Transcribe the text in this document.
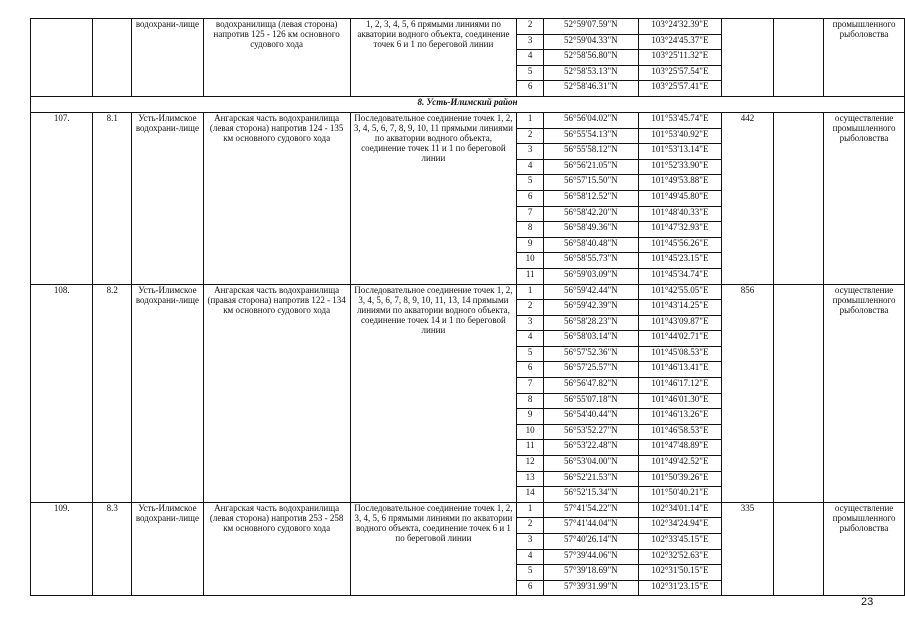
		водохрани-лище	водохранилища (левая сторона) напротив 125 - 126 км основного судового хода	1, 2, 3, 4, 5, 6 прямыми линиями по акватории водного объекта, соединение точек 6 и 1 по береговой линии	2	52°59'07.59"N	103°24'32.39"E			промышленного рыболовства
					3	52°59'04.33"N	103°24'45.37"E			
					4	52°58'56.80"N	103°25'11.32"E			
					5	52°58'53.13"N	103°25'57.54"E			
					6	52°58'46.31"N	103°25'57.41"E			
8. Усть-Илимский район										
107.	8.1	Усть-Илимское водохрани-лище	Ангарская часть водохранилища (левая сторона) напротив 124 - 135 км основного судового хода	Последовательное соединение точек 1, 2, 3, 4, 5, 6, 7, 8, 9, 10, 11 прямыми линиями по акватории водного объекта, соединение точек 11 и 1 по береговой линии	1	56°56'04.02"N	101°53'45.74"E	442		осуществление промышленного рыболовства
					2	56°55'54.13"N	101°53'40.92"E			
					3	56°55'58.12"N	101°53'13.14"E			
					4	56°56'21.05"N	101°52'33.90"E			
					5	56°57'15.50"N	101°49'53.88"E			
					6	56°58'12.52"N	101°49'45.80"E			
					7	56°58'42.20"N	101°48'40.33"E			
					8	56°58'49.36"N	101°47'32.93"E			
					9	56°58'40.48"N	101°45'56.26"E			
					10	56°58'55.73"N	101°45'23.15"E			
					11	56°59'03.09"N	101°45'34.74"E			
108.	8.2	Усть-Илимское водохрани-лище	Ангарская часть водохранилища (правая сторона) напротив 122 - 134 км основного судового хода	Последовательное соединение точек 1, 2, 3, 4, 5, 6, 7, 8, 9, 10, 11, 13, 14 прямыми линиями по акватории водного объекта, соединение точек 14 и 1 по береговой линии	1	56°59'42.44"N	101°42'55.05"E	856		осуществление промышленного рыболовства
					2	56°59'42.39"N	101°43'14.25"E			
					3	56°58'28.23"N	101°43'09.87"E			
					4	56°58'03.14"N	101°44'02.71"E			
					5	56°57'52.36"N	101°45'08.53"E			
					6	56°57'25.57"N	101°46'13.41"E			
					7	56°56'47.82"N	101°46'17.12"E			
					8	56°55'07.18"N	101°46'01.30"E			
					9	56°54'40.44"N	101°46'13.26"E			
					10	56°53'52.27"N	101°46'58.53"E			
					11	56°53'22.48"N	101°47'48.89"E			
					12	56°53'04.00"N	101°49'42.52"E			
					13	56°52'21.53"N	101°50'39.26"E			
					14	56°52'15.34"N	101°50'40.21"E			
109.	8.3	Усть-Илимское водохрани-лище	Ангарская часть водохранилища (левая сторона) напротив 253 - 258 км основного судового хода	Последовательное соединение точек 1, 2, 3, 4, 5, 6 прямыми линиями по акватории водного объекта, соединение точек 6 и 1 по береговой линии	1	57°41'54.22"N	102°34'01.14"E	335		осуществление промышленного рыболовства
					2	57°41'44.04"N	102°34'24.94"E			
					3	57°40'26.14"N	102°33'45.15"E			
					4	57°39'44.06"N	102°32'52.63"E			
					5	57°39'18.69"N	102°31'50.15"E			
					6	57°39'31.99"N	102°31'23.15"E			
23
